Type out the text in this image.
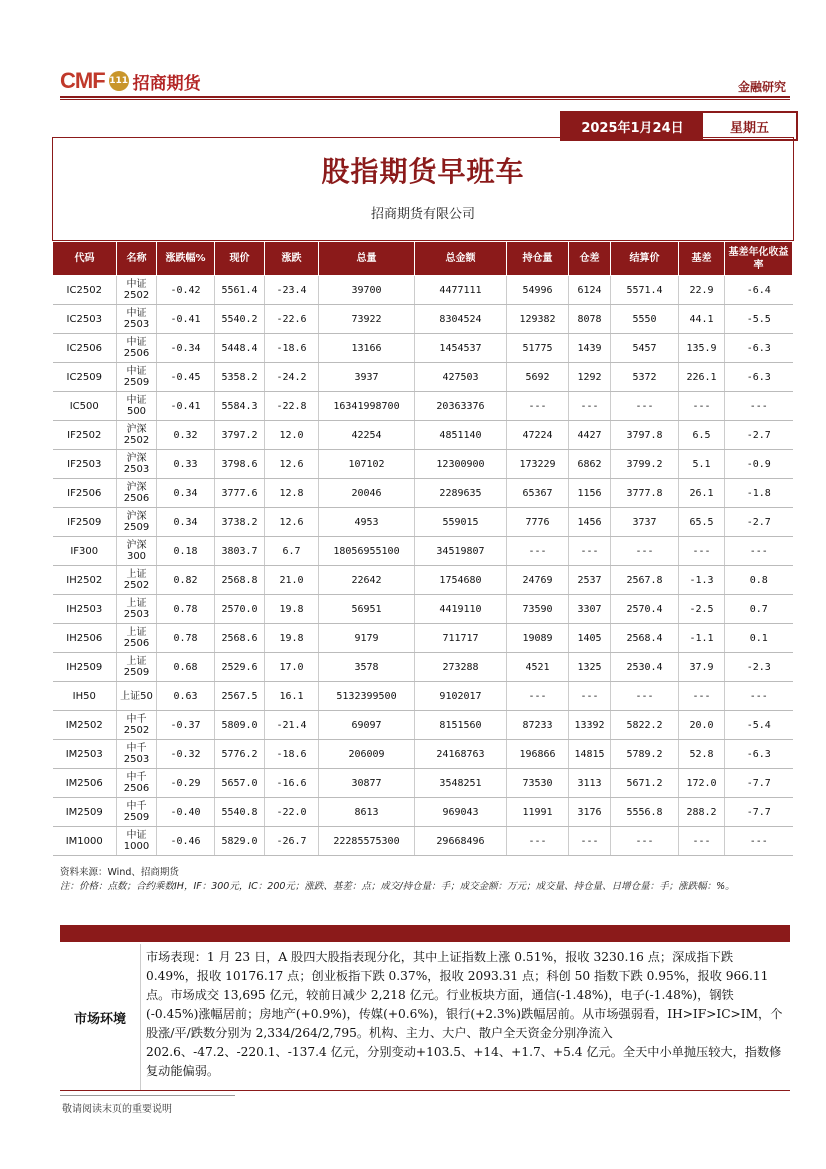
CMF 111 招商期货	金融研究
2025年1月24日	星期五
股指期货早班车
招商期货有限公司
代码	名称	涨跌幅%	现价	涨跌	总量	总金额	持仓量	仓差	结算价	基差	基差年化收益率
IC2502	中证2502	-0.42	5561.4	-23.4	39700	4477111	54996	6124	5571.4	22.9	-6.4
IC2503	中证2503	-0.41	5540.2	-22.6	73922	8304524	129382	8078	5550	44.1	-5.5
IC2506	中证2506	-0.34	5448.4	-18.6	13166	1454537	51775	1439	5457	135.9	-6.3
IC2509	中证2509	-0.45	5358.2	-24.2	3937	427503	5692	1292	5372	226.1	-6.3
IC500	中证500	-0.41	5584.3	-22.8	16341998700	20363376	---	---	---	---	---
IF2502	沪深2502	0.32	3797.2	12.0	42254	4851140	47224	4427	3797.8	6.5	-2.7
IF2503	沪深2503	0.33	3798.6	12.6	107102	12300900	173229	6862	3799.2	5.1	-0.9
IF2506	沪深2506	0.34	3777.6	12.8	20046	2289635	65367	1156	3777.8	26.1	-1.8
IF2509	沪深2509	0.34	3738.2	12.6	4953	559015	7776	1456	3737	65.5	-2.7
IF300	沪深300	0.18	3803.7	6.7	18056955100	34519807	---	---	---	---	---
IH2502	上证2502	0.82	2568.8	21.0	22642	1754680	24769	2537	2567.8	-1.3	0.8
IH2503	上证2503	0.78	2570.0	19.8	56951	4419110	73590	3307	2570.4	-2.5	0.7
IH2506	上证2506	0.78	2568.6	19.8	9179	711717	19089	1405	2568.4	-1.1	0.1
IH2509	上证2509	0.68	2529.6	17.0	3578	273288	4521	1325	2530.4	37.9	-2.3
IH50	上证50	0.63	2567.5	16.1	5132399500	9102017	---	---	---	---	---
IM2502	中千2502	-0.37	5809.0	-21.4	69097	8151560	87233	13392	5822.2	20.0	-5.4
IM2503	中千2503	-0.32	5776.2	-18.6	206009	24168763	196866	14815	5789.2	52.8	-6.3
IM2506	中千2506	-0.29	5657.0	-16.6	30877	3548251	73530	3113	5671.2	172.0	-7.7
IM2509	中千2509	-0.40	5540.8	-22.0	8613	969043	11991	3176	5556.8	288.2	-7.7
IM1000	中证1000	-0.46	5829.0	-26.7	22285575300	29668496	---	---	---	---	---
资料来源：Wind、招商期货
注：价格：点数；合约乘数IH，IF：300元，IC：200元；涨跌、基差：点；成交/持仓量：手；成交金额：万元；成交量、持仓量、日增仓量：手；涨跌幅：%。
市场环境
市场表现：1 月 23 日，A 股四大股指表现分化，其中上证指数上涨 0.51%，报收 3230.16 点；深成指下跌 0.49%，报收 10176.17 点；创业板指下跌 0.37%，报收 2093.31 点；科创 50 指数下跌 0.95%，报收 966.11 点。市场成交 13,695 亿元，较前日减少 2,218 亿元。行业板块方面，通信(-1.48%)，电子(-1.48%)，钢铁(-0.45%)涨幅居前；房地产(+0.9%)，传媒(+0.6%)，银行(+2.3%)跌幅居前。从市场强弱看，IH>IF>IC>IM，个股涨/平/跌数分别为 2,334/264/2,795。机构、主力、大户、散户全天资金分别净流入 202.6、-47.2、-220.1、-137.4 亿元，分别变动+103.5、+14、+1.7、+5.4 亿元。全天中小单抛压较大，指数修复动能偏弱。
敬请阅读末页的重要说明
